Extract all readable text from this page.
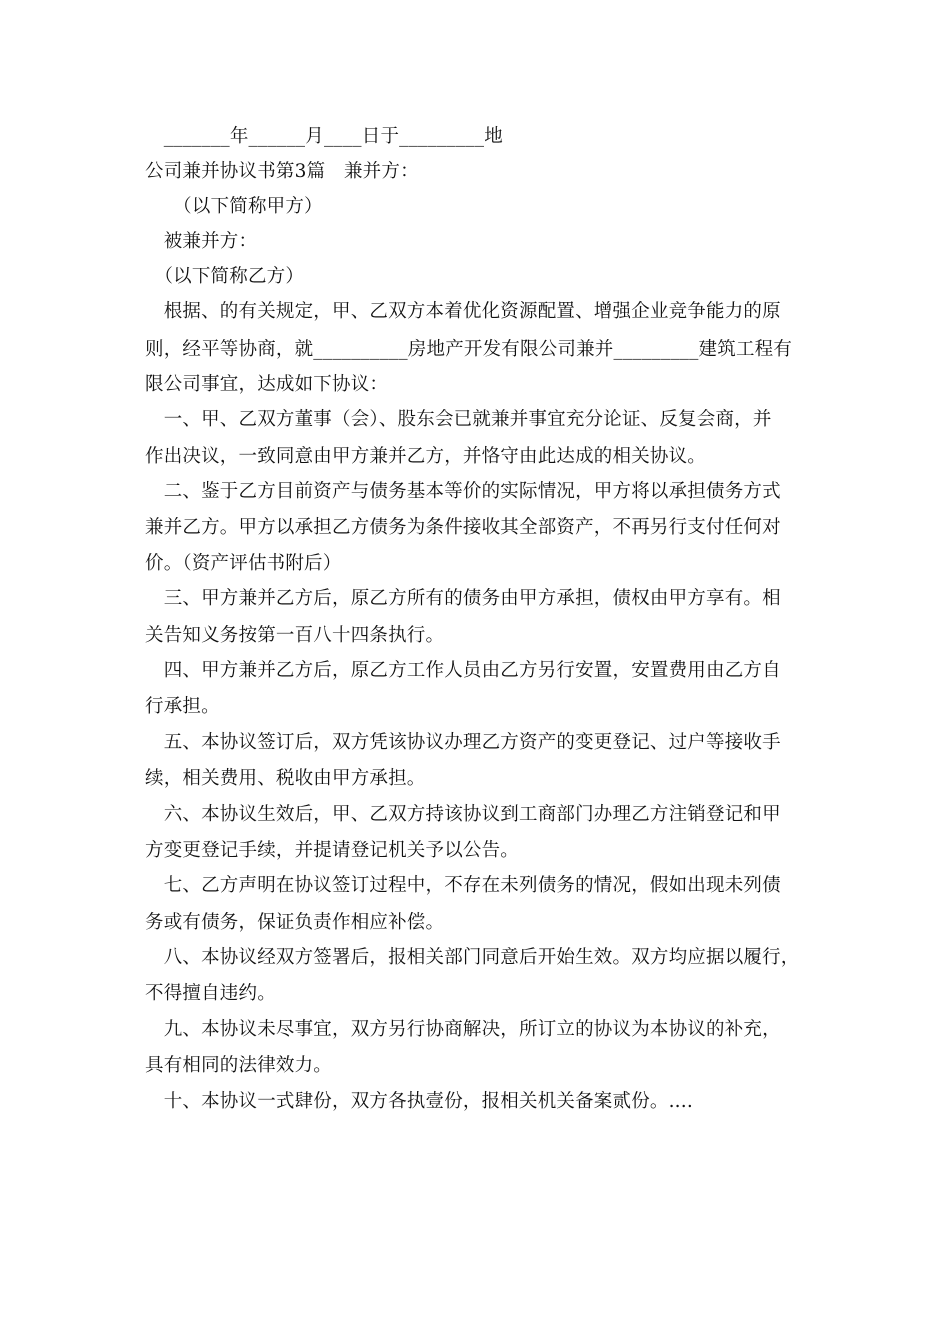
　_______年______月____日于_________地
公司兼并协议书第3篇　兼并方：
　　（以下简称甲方）
　被兼并方：
　（以下简称乙方）
　根据、的有关规定，甲、乙双方本着优化资源配置、增强企业竞争能力的原
则，经平等协商，就__________房地产开发有限公司兼并_________建筑工程有
限公司事宜，达成如下协议：
　一、甲、乙双方董事（会）、股东会已就兼并事宜充分论证、反复会商，并
作出决议，一致同意由甲方兼并乙方，并恪守由此达成的相关协议。
　二、鉴于乙方目前资产与债务基本等价的实际情况，甲方将以承担债务方式
兼并乙方。甲方以承担乙方债务为条件接收其全部资产，不再另行支付任何对
价。（资产评估书附后）
　三、甲方兼并乙方后，原乙方所有的债务由甲方承担，债权由甲方享有。相
关告知义务按第一百八十四条执行。
　四、甲方兼并乙方后，原乙方工作人员由乙方另行安置，安置费用由乙方自
行承担。
　五、本协议签订后，双方凭该协议办理乙方资产的变更登记、过户等接收手
续，相关费用、税收由甲方承担。
　六、本协议生效后，甲、乙双方持该协议到工商部门办理乙方注销登记和甲
方变更登记手续，并提请登记机关予以公告。
　七、乙方声明在协议签订过程中，不存在未列债务的情况，假如出现未列债
务或有债务，保证负责作相应补偿。
　八、本协议经双方签署后，报相关部门同意后开始生效。双方均应据以履行，
不得擅自违约。
　九、本协议未尽事宜，双方另行协商解决，所订立的协议为本协议的补充，
具有相同的法律效力。
　十、本协议一式肆份，双方各执壹份，报相关机关备案贰份。....
